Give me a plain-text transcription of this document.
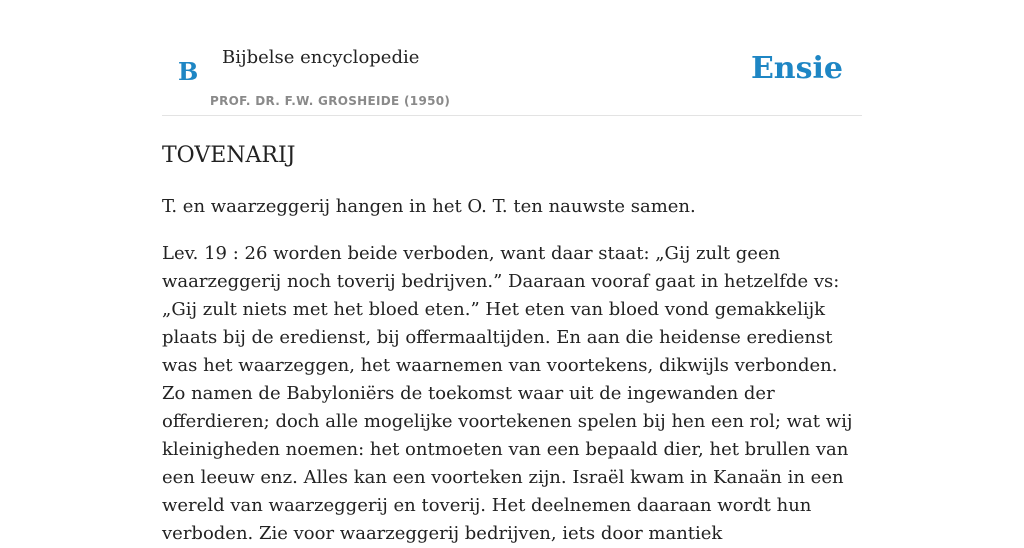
B Bijbelse encyclopedie
PROF. DR. F.W. GROSHEIDE (1950)
Ensie
TOVENARIJ

T. en waarzeggerij hangen in het O. T. ten nauwste samen.

Lev. 19 : 26 worden beide verboden, want daar staat: „Gij zult geen waarzeggerij noch toverij bedrijven.” Daaraan vooraf gaat in hetzelfde vs: „Gij zult niets met het bloed eten.” Het eten van bloed vond gemakkelijk plaats bij de eredienst, bij offermaaltijden. En aan die heidense eredienst was het waarzeggen, het waarnemen van voortekens, dikwijls verbonden. Zo namen de Babyloniërs de toekomst waar uit de ingewanden der offerdieren; doch alle mogelijke voortekenen spelen bij hen een rol; wat wij kleinigheden noemen: het ontmoeten van een bepaald dier, het brullen van een leeuw enz. Alles kan een voorteken zijn. Israël kwam in Kanaän in een wereld van waarzeggerij en toverij. Het deelnemen daaraan wordt hun verboden. Zie voor waarzeggerij bedrijven, iets door mantiek
